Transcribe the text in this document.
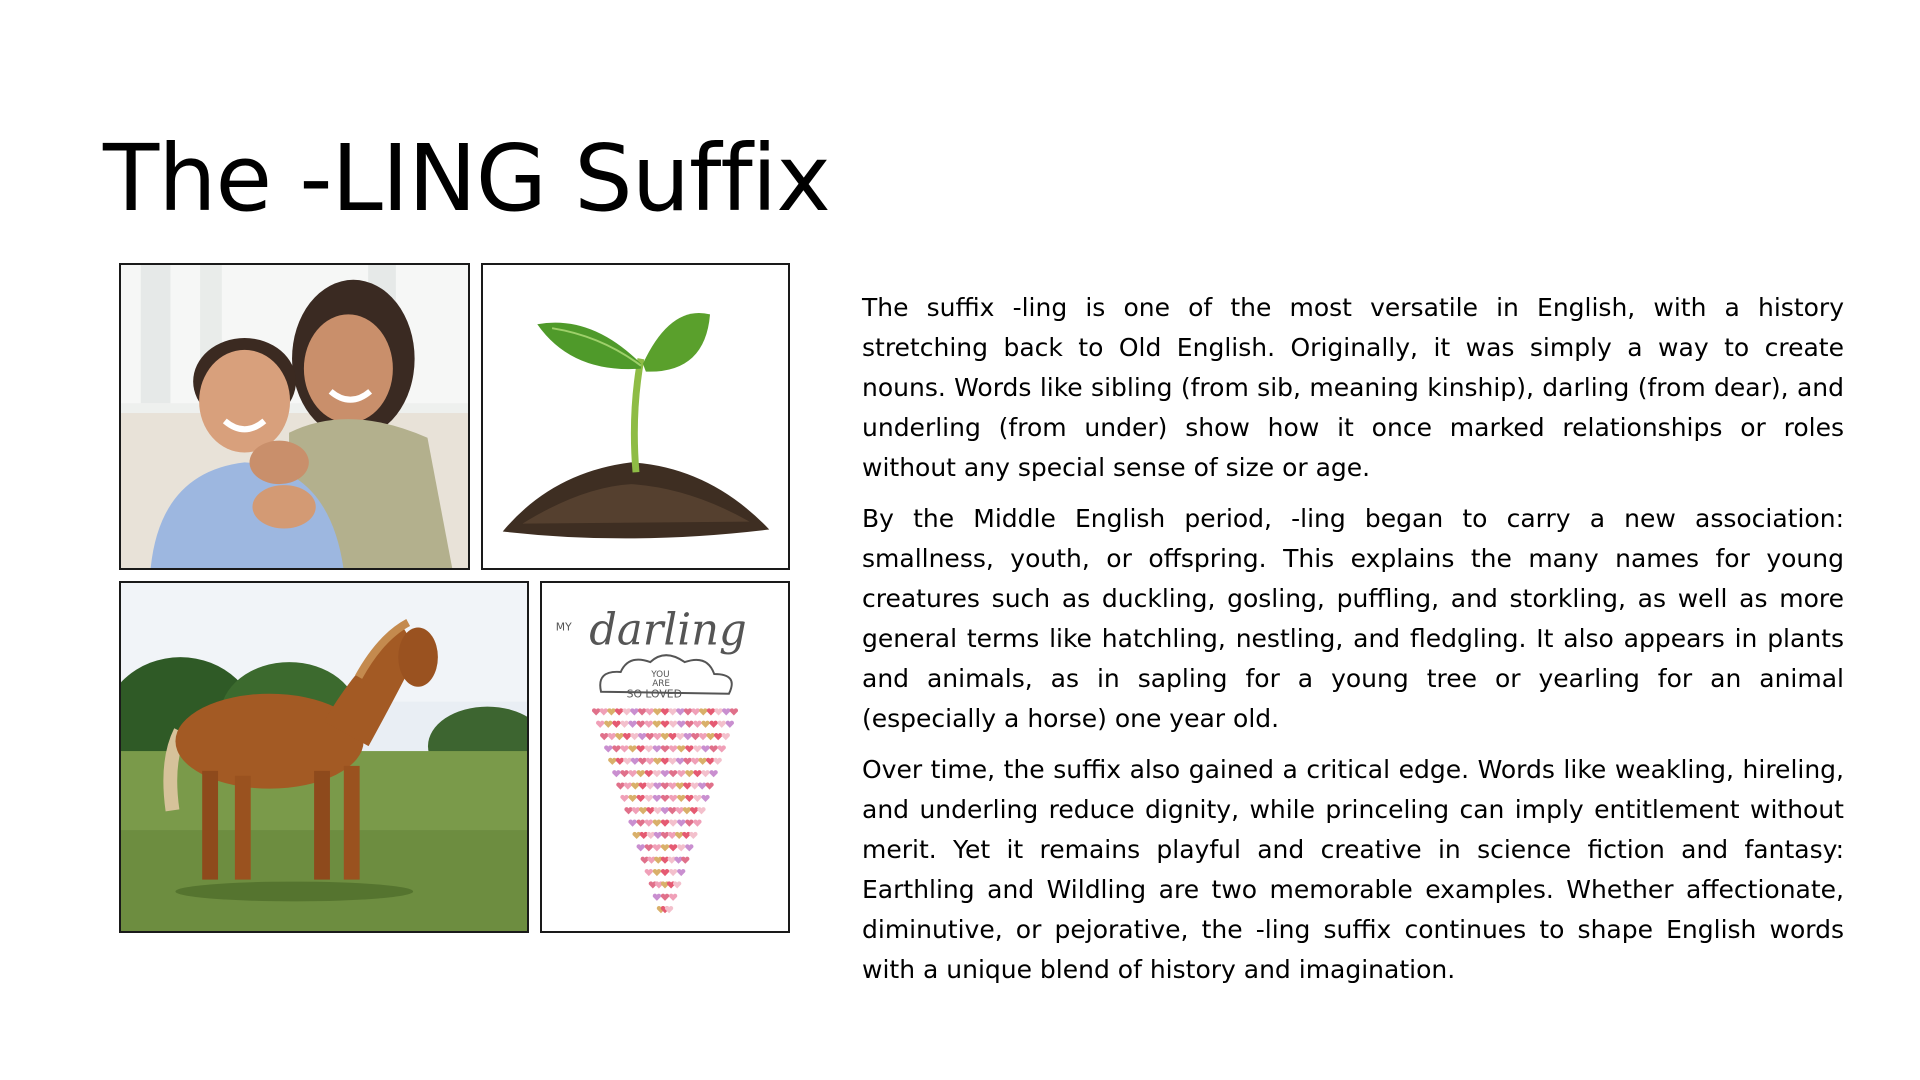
The -LING Suffix
MY darling
YOU
ARE
SO LOVED

The suffix -ling is one of the most versatile in English, with a history stretching back to Old English. Originally, it was simply a way to create nouns. Words like sibling (from sib, meaning kinship), darling (from dear), and underling (from under) show how it once marked relationships or roles without any special sense of size or age.

By the Middle English period, -ling began to carry a new association: smallness, youth, or offspring. This explains the many names for young creatures such as duckling, gosling, puffling, and storkling, as well as more general terms like hatchling, nestling, and fledgling. It also appears in plants and animals, as in sapling for a young tree or yearling for an animal (especially a horse) one year old.

Over time, the suffix also gained a critical edge. Words like weakling, hireling, and underling reduce dignity, while princeling can imply entitlement without merit. Yet it remains playful and creative in science fiction and fantasy: Earthling and Wildling are two memorable examples. Whether affectionate, diminutive, or pejorative, the -ling suffix continues to shape English words with a unique blend of history and imagination.
